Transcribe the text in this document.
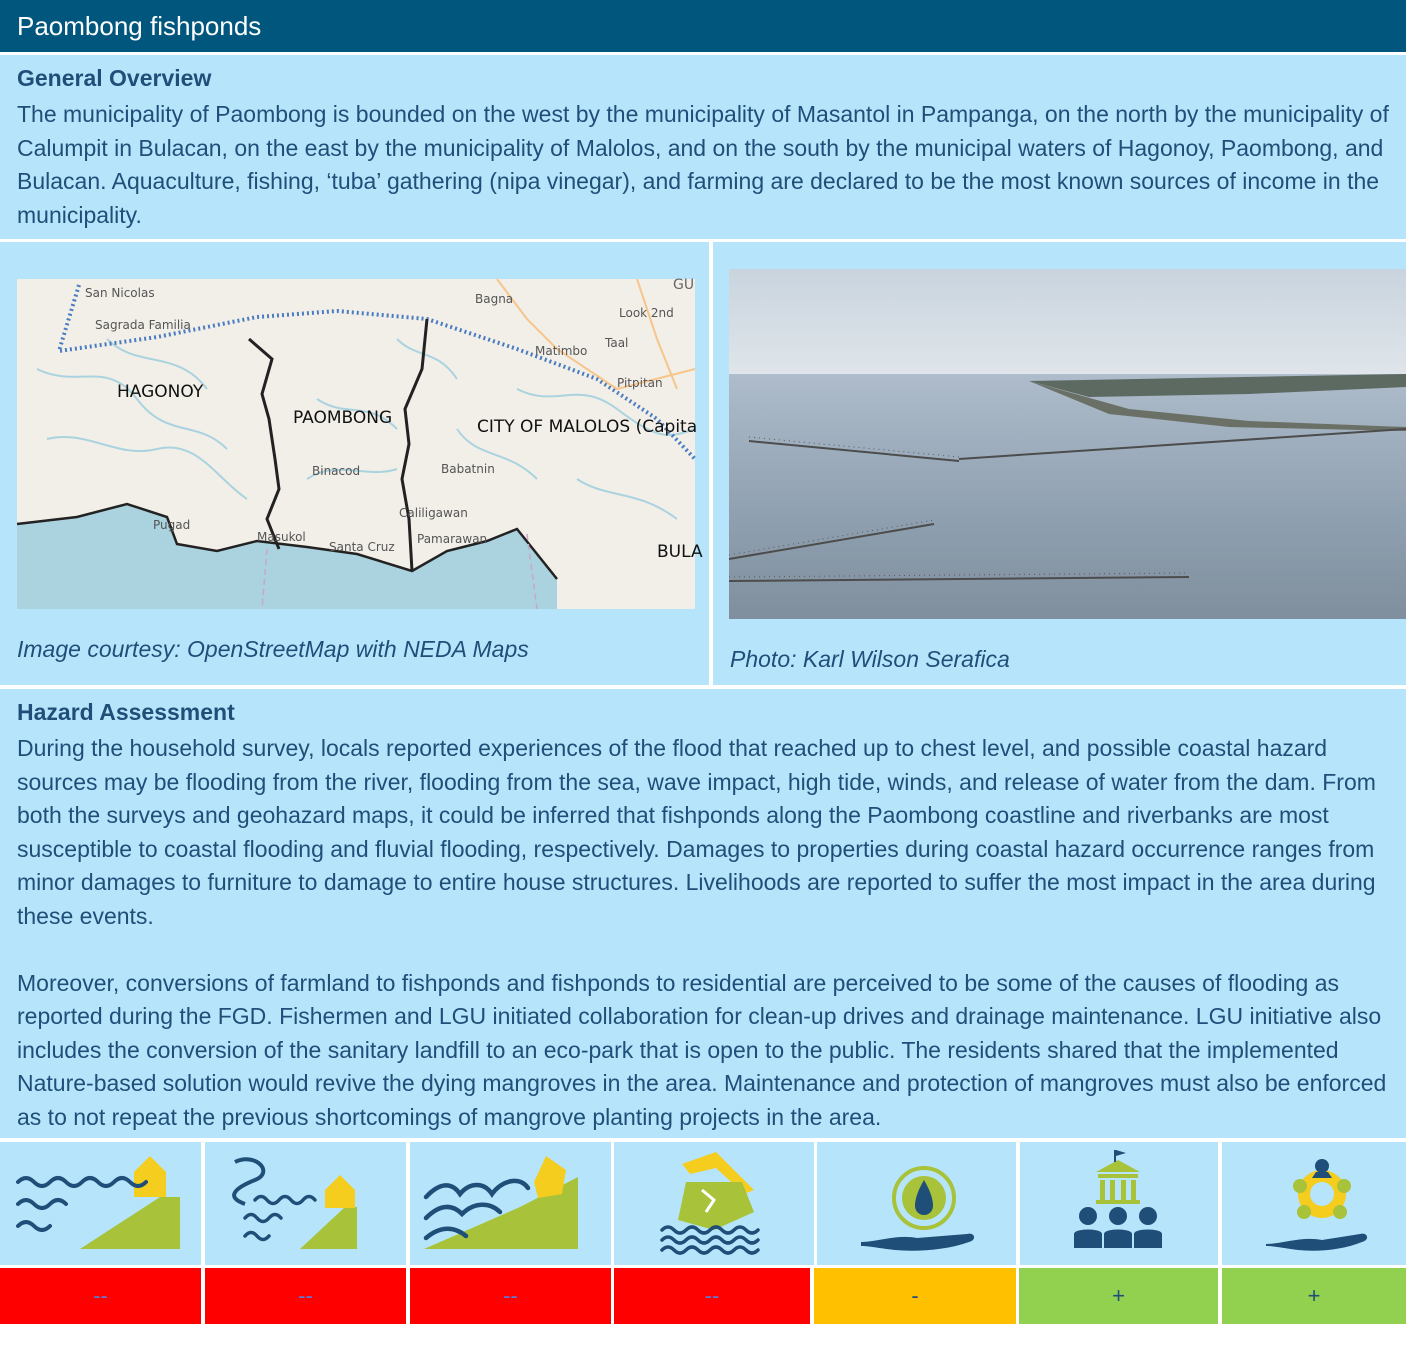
Paombong fishponds
General Overview
The municipality of Paombong is bounded on the west by the municipality of Masantol in Pampanga, on the north by the municipality of Calumpit in Bulacan, on the east by the municipality of Malolos, and on the south by the municipal waters of Hagonoy, Paombong, and Bulacan. Aquaculture, fishing, ‘tuba’ gathering (nipa vinegar), and farming are declared to be the most known sources of income in the municipality.
San Nicolas
Sagrada Familia
Bagna
Look 2nd
Taal
Matimbo
Pitpitan
Binacod	Babatnin
Caliligawan
Pugad
Masukol
Santa Cruz
Pamarawan
HAGONOY
PAOMBONG	CITY OF MALOLOS (Capita
BULA
GU
Image courtesy: OpenStreetMap with NEDA Maps	Photo: Karl Wilson Serafica
Hazard Assessment
During the household survey, locals reported experiences of the flood that reached up to chest level, and possible coastal hazard sources may be flooding from the river, flooding from the sea, wave impact, high tide, winds, and release of water from the dam. From both the surveys and geohazard maps, it could be inferred that fishponds along the Paombong coastline and riverbanks are most susceptible to coastal flooding and fluvial flooding, respectively. Damages to properties during coastal hazard occurrence ranges from minor damages to furniture to damage to entire house structures. Livelihoods are reported to suffer the most impact in the area during these events.
Moreover, conversions of farmland to fishponds and fishponds to residential are perceived to be some of the causes of flooding as reported during the FGD. Fishermen and LGU initiated collaboration for clean-up drives and drainage maintenance. LGU initiative also includes the conversion of the sanitary landfill to an eco-park that is open to the public. The residents shared that the implemented Nature-based solution would revive the dying mangroves in the area. Maintenance and protection of mangroves must also be enforced as to not repeat the previous shortcomings of mangrove planting projects in the area.
--	--	--	--	-	+	+
